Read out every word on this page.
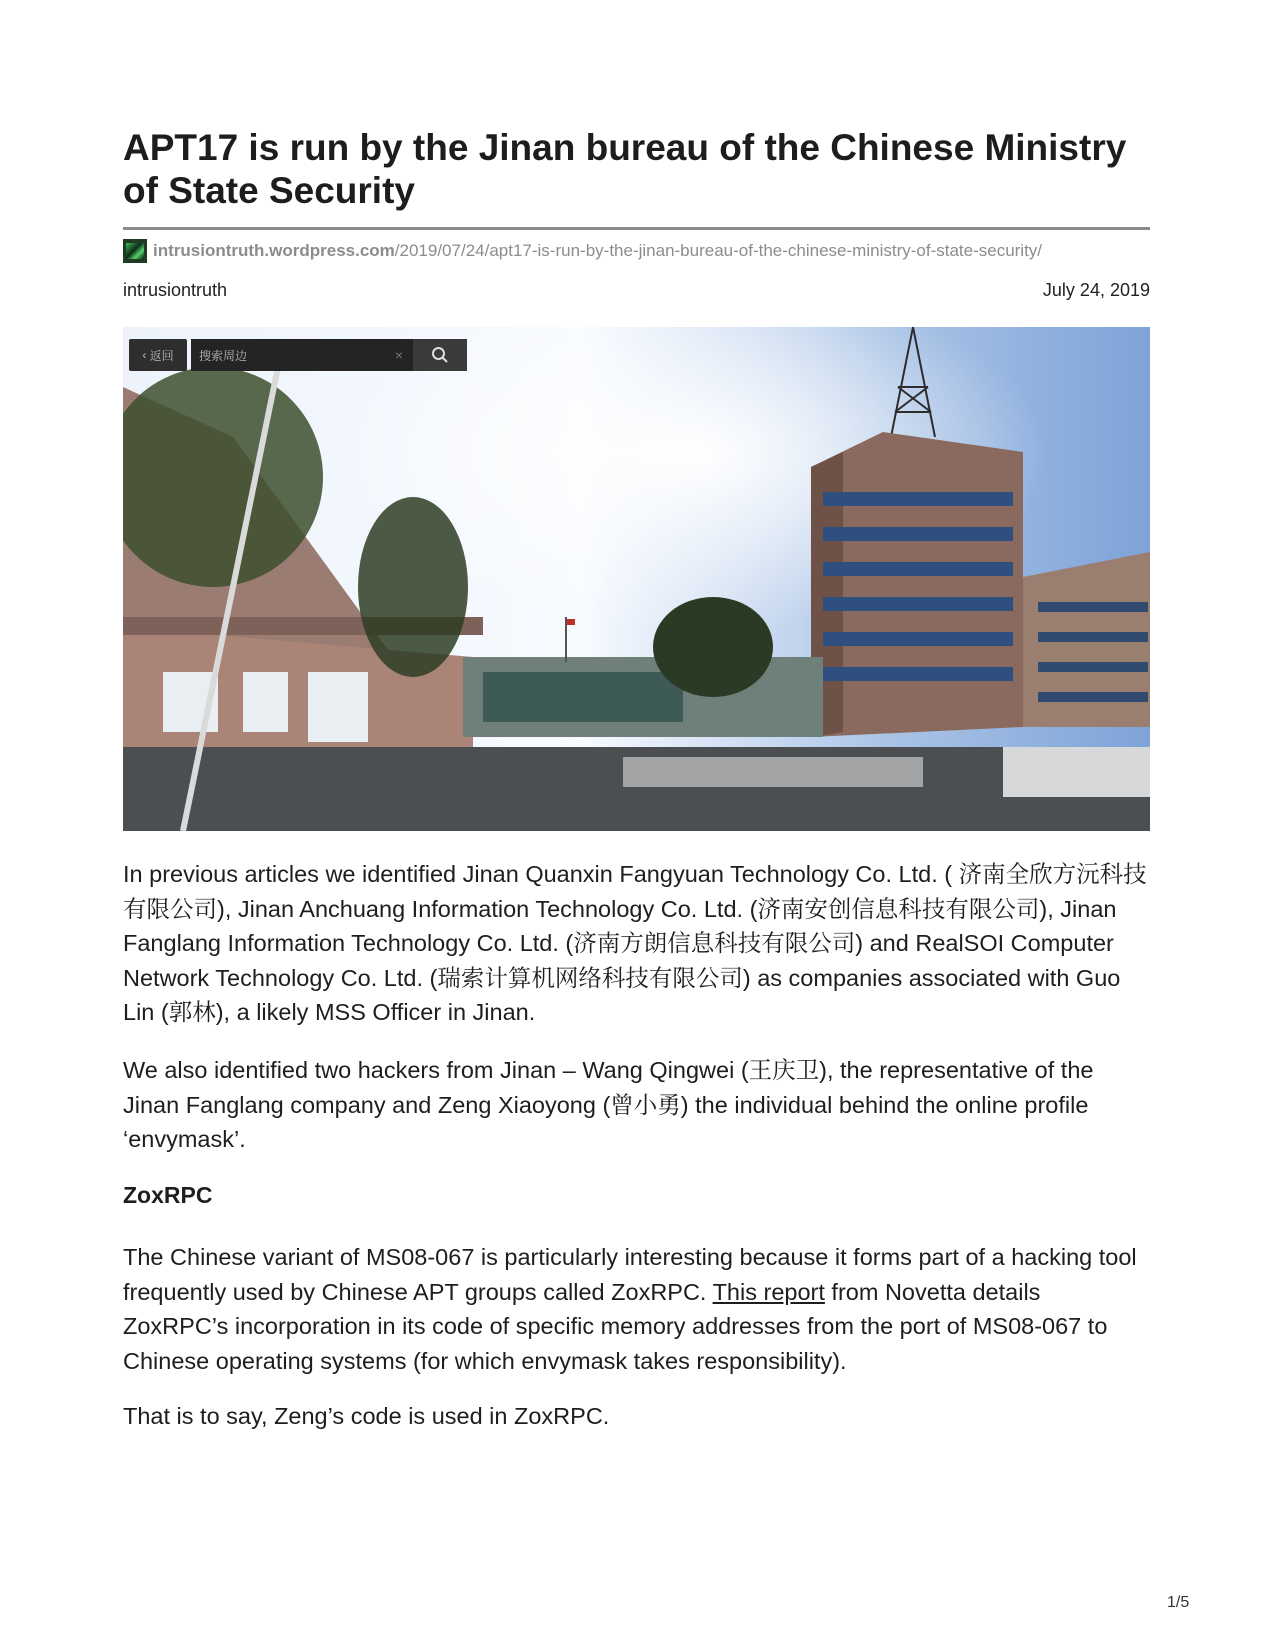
APT17 is run by the Jinan bureau of the Chinese Ministry of State Security
intrusiontruth.wordpress.com /2019/07/24/apt17-is-run-by-the-jinan-bureau-of-the-chinese-ministry-of-state-security/
intrusiontruth	July 24, 2019
‹ 返回 搜索周边	×

In previous articles we identified Jinan Quanxin Fangyuan Technology Co. Ltd. ( 济南全欣方沅科技有限公司), Jinan Anchuang Information Technology Co. Ltd. (济南安创信息科技有限公司), Jinan Fanglang Information Technology Co. Ltd. (济南方朗信息科技有限公司) and RealSOI Computer Network Technology Co. Ltd. (瑞索计算机网络科技有限公司) as companies associated with Guo Lin (郭林), a likely MSS Officer in Jinan.

We also identified two hackers from Jinan – Wang Qingwei (王庆卫), the representative of the Jinan Fanglang company and Zeng Xiaoyong (曾小勇) the individual behind the online profile ‘envymask’.

ZoxRPC

The Chinese variant of MS08-067 is particularly interesting because it forms part of a hacking tool frequently used by Chinese APT groups called ZoxRPC. This report from Novetta details ZoxRPC’s incorporation in its code of specific memory addresses from the port of MS08-067 to Chinese operating systems (for which envymask takes responsibility).

That is to say, Zeng’s code is used in ZoxRPC.

1/5
